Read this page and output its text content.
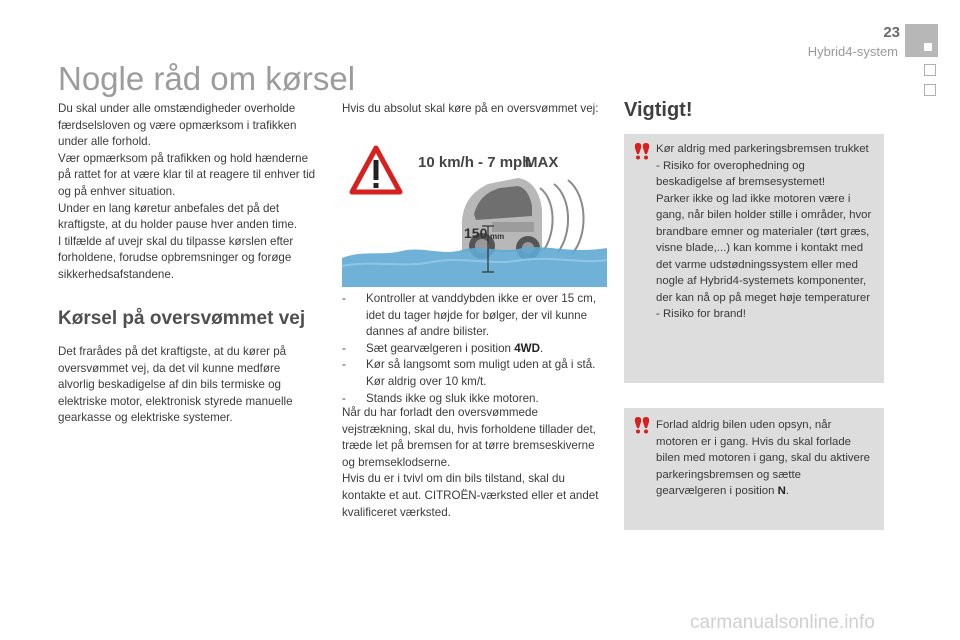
23
Hybrid4-system
Nogle råd om kørsel
Du skal under alle omstændigheder overholde færdselsloven og være opmærksom i trafikken under alle forhold.
Vær opmærksom på trafikken og hold hænderne på rattet for at være klar til at reagere til enhver tid og på enhver situation.
Under en lang køretur anbefales det på det kraftigste, at du holder pause hver anden time.
I tilfælde af uvejr skal du tilpasse kørslen efter forholdene, forudse opbremsninger og forøge sikkerhedsafstandene.
Kørsel på oversvømmet vej
Det frarådes på det kraftigste, at du kører på oversvømmet vej, da det vil kunne medføre alvorlig beskadigelse af din bils termiske og elektriske motor, elektronisk styrede manuelle gearkasse og elektriske systemer.
Hvis du absolut skal køre på en oversvømmet vej:
10 km/h - 7 mph
MAX
150 mm
- Kontroller at vanddybden ikke er over 15 cm, idet du tager højde for bølger, der vil kunne dannes af andre bilister.
- Sæt gearvælgeren i position 4WD.
- Kør så langsomt som muligt uden at gå i stå. Kør aldrig over 10 km/t.
- Stands ikke og sluk ikke motoren.
Når du har forladt den oversvømmede vejstrækning, skal du, hvis forholdene tillader det, træde let på bremsen for at tørre bremseskiverne og bremseklodserne.
Hvis du er i tvivl om din bils tilstand, skal du kontakte et aut. CITROËN-værksted eller et andet kvalificeret værksted.
Vigtigt!
Kør aldrig med parkeringsbremsen trukket - Risiko for overophedning og beskadigelse af bremsesystemet!
Parker ikke og lad ikke motoren være i gang, når bilen holder stille i områder, hvor brandbare emner og materialer (tørt græs, visne blade,...) kan komme i kontakt med det varme udstødningssystem eller med nogle af Hybrid4-systemets komponenter, der kan nå op på meget høje temperaturer - Risiko for brand!
Forlad aldrig bilen uden opsyn, når motoren er i gang. Hvis du skal forlade bilen med motoren i gang, skal du aktivere parkeringsbremsen og sætte gearvælgeren i position N.
carmanualsonline.info
